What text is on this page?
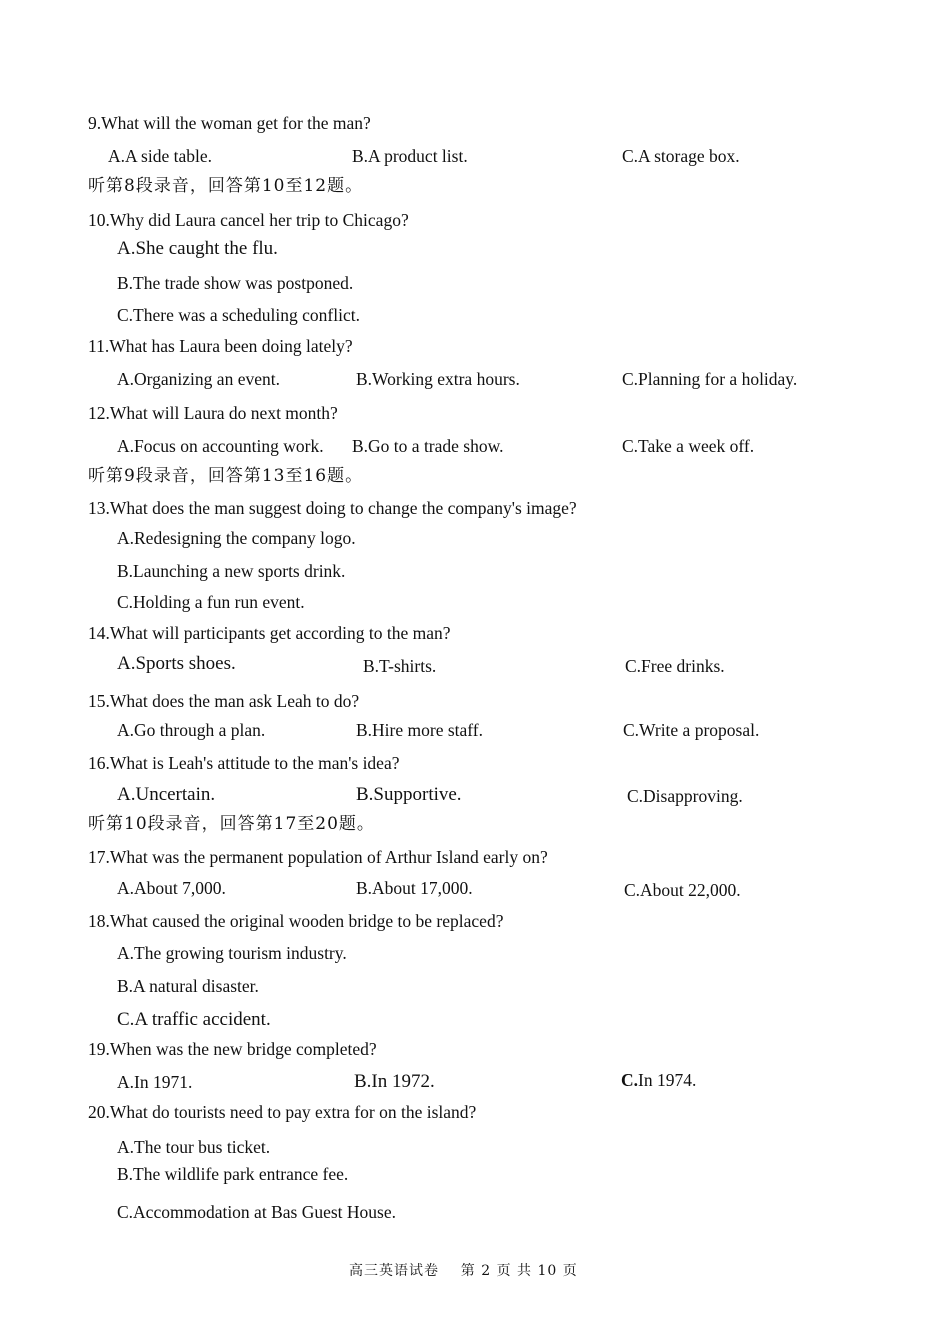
9.What will the woman get for the man?
A.A side table.	B.A product list.	C.A storage box.
听第8段录音，回答第10至12题。
10.Why did Laura cancel her trip to Chicago?
A.She caught the flu.
B.The trade show was postponed.
C.There was a scheduling conflict.
11.What has Laura been doing lately?
A.Organizing an event.	B.Working extra hours.	C.Planning for a holiday.
12.What will Laura do next month?
A.Focus on accounting work. B.Go to a trade show.	C.Take a week off.
听第9段录音，回答第13至16题。
13.What does the man suggest doing to change the company's image?
A.Redesigning the company logo.
B.Launching a new sports drink.
C.Holding a fun run event.
14.What will participants get according to the man?
A.Sports shoes.	B.T-shirts.	C.Free drinks.
15.What does the man ask Leah to do?
A.Go through a plan.	B.Hire more staff.	C.Write a proposal.
16.What is Leah's attitude to the man's idea?
A.Uncertain.	B.Supportive.	C.Disapproving.
听第10段录音，回答第17至20题。
17.What was the permanent population of Arthur Island early on?
A.About 7,000.	B.About 17,000.	C.About 22,000.
18.What caused the original wooden bridge to be replaced?
A.The growing tourism industry.
B.A natural disaster.
C.A traffic accident.
19.When was the new bridge completed?
A.In 1971.	B.In 1972.	C.In 1974.
20.What do tourists need to pay extra for on the island?
A.The tour bus ticket.
B.The wildlife park entrance fee.
C.Accommodation at Bas Guest House.
高三英语试卷    第 2 页 共 10 页
